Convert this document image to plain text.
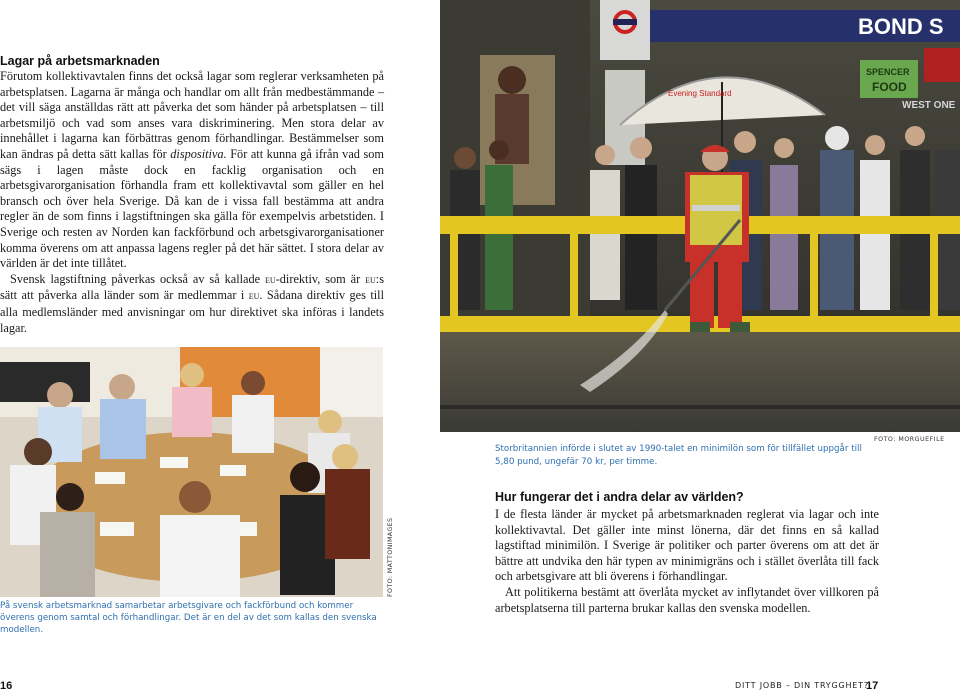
Lagar på arbetsmarknaden

Förutom kollektivavtalen finns det också lagar som reglerar verksamheten på arbetsplatsen. Lagarna är många och handlar om allt från medbestämmande – det vill säga anställdas rätt att påverka det som händer på arbetsplatsen – till arbetsmiljö och vad som anses vara diskriminering. Men stora delar av innehållet i lagarna kan förbättras genom förhandlingar. Bestämmelser som kan ändras på detta sätt kallas för dispositiva. För att kunna gå ifrån vad som sägs i lagen måste dock en facklig organisation och en arbetsgivarorganisation förhandla fram ett kollektivavtal som gäller en hel bransch och över hela Sverige. Då kan de i vissa fall bestämma att andra regler än de som finns i lagstiftningen ska gälla för exempelvis arbetstiden. I Sverige och resten av Norden kan fackförbund och arbetsgivarorganisationer komma överens om att anpassa lagens regler på det här sättet. I stora delar av världen är det inte tillåtet.

Svensk lagstiftning påverkas också av så kallade eu-direktiv, som är eu:s sätt att påverka alla länder som är medlemmar i eu. Sådana direktiv ges till alla medlemsländer med anvisningar om hur direktivet ska införas i landets lagar.

BOND S
SPENCER
FOOD
WEST ONE
Evening Standard
FOTO: MORGUEFILE
Storbritannien införde i slutet av 1990-talet en minimilön som för tillfället uppgår till 5,80 pund, ungefär 70 kr, per timme.
FOTO: MATTONIMAGES
På svensk arbetsmarknad samarbetar arbetsgivare och fackförbund och kommer överens genom samtal och förhandlingar. Det är en del av det som kallas den svenska modellen.
Hur fungerar det i andra delar av världen?

I de flesta länder är mycket på arbetsmarknaden reglerat via lagar och inte kollektivavtal. Det gäller inte minst lönerna, där det finns en så kallad lagstiftad minimilön. I Sverige är politiker och parter överens om att det är bättre att undvika den här typen av minimigräns och i stället överlåta till fack och arbetsgivare att bli överens i förhandlingar.

Att politikerna bestämt att överlåta mycket av inflytandet över villkoren på arbetsplatserna till parterna brukar kallas den svenska modellen.

16	DITT JOBB – DIN TRYGGHET?
17
